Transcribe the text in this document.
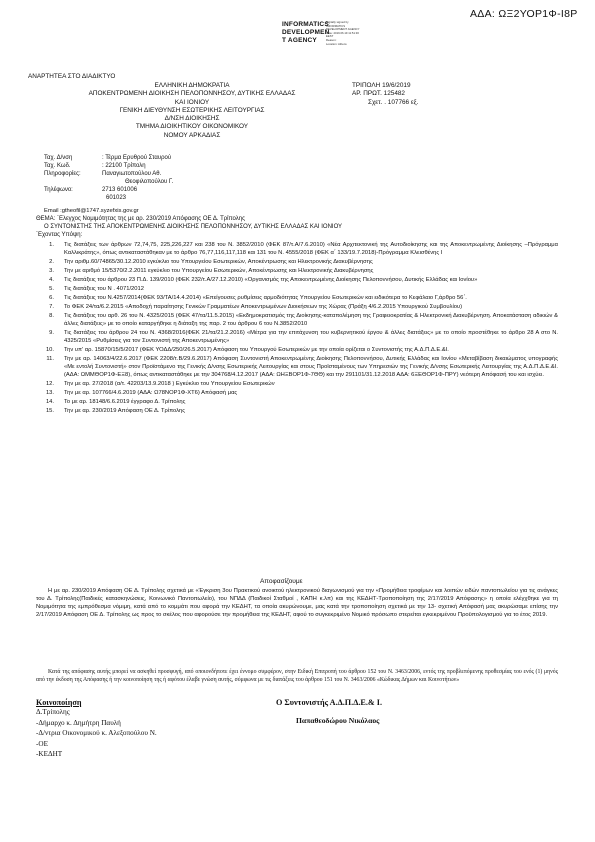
ΑΔΑ: ΩΞ2ΥΟΡ1Φ-Ι8Ρ
INFORMATICS
DEVELOPMEN
T AGENCY
Digitally signed by
INFORMATICS
DEVELOPMENT AGENCY
Date: 2019.06.19 11:51:30
EEST
Reason:
Location: Athens
ΑΝΑΡΤΗΤΕΑ ΣΤΟ ΔΙΑΔΙΚΤΥΟ
ΕΛΛΗΝΙΚΗ ΔΗΜΟΚΡΑΤΙΑ
ΑΠΟΚΕΝΤΡΩΜΕΝΗ ΔΙΟΙΚΗΣΗ ΠΕΛΟΠΟΝΝΗΣΟΥ, ΔΥΤΙΚΗΣ ΕΛΛΑΔΑΣ
ΚΑΙ ΙΟΝΙΟΥ
ΓΕΝΙΚΗ ΔΙΕΥΘΥΝΣΗ ΕΣΩΤΕΡΙΚΗΣ ΛΕΙΤΟΥΡΓΙΑΣ
Δ/ΝΣΗ ΔΙΟΙΚΗΣΗΣ
ΤΜΗΜΑ ΔΙΟΙΚΗΤΙΚΟΥ ΟΙΚΟΝΟΜΙΚΟΥ
ΝΟΜΟΥ ΑΡΚΑΔΙΑΣ
ΤΡΙΠΟΛΗ 19/6/2019
ΑΡ. ΠΡΩΤ. 125482
Σχετ. . 107766 εξ.
Ταχ. Δ/νση	: Τέρμα Ερυθρού Σταυρού
Ταχ. Κωδ.	: 22100 Τρίπολη
Πληροφορίες:	Παναγιωτοπούλου Αθ.
Θεοφιλοπούλου Γ.
Τηλέφωνο:	2713 601006
601023
Email :gtheofil@1747.syzefxis.gov.gr
ΘΕΜΑ: ΄Ελεγχος Νομιμότητας της με αρ. 230/2019 Απόφασης ΟΕ Δ. Τρίπολης
Ο ΣΥΝΤΟΝΙΣΤΗΣ ΤΗΣ ΑΠΟΚΕΝΤΡΩΜΕΝΗΣ ΔΙΟΙΚΗΣΗΣ ΠΕΛΟΠΟΝΝΗΣΟΥ, ΔΥΤΙΚΗΣ ΕΛΛΑΔΑΣ ΚΑΙ ΙΟΝΙΟΥ
΄Εχοντας Υπόψη:
1.	Τις διατάξεις των άρθρων 72,74,75, 225,226,227 και 238 του Ν. 3852/2010 (ΦΕΚ 87/τ.Α/7.6.2010) «Νέα Αρχιτεκτονική της Αυτοδιοίκησης και της Αποκεντρωμένης Διοίκησης –Πρόγραμμα Καλλικράτης», όπως αντικαταστάθηκαν με το άρθρο 76,77,116,117,118 και 131 του Ν. 4555/2018 (ΦΕΚ α΄ 133/19.7.2018)-Πρόγραμμα Κλεισθένης Ι
2.	Την αριθμ.60/74865/30.12.2010 εγκύκλιο του Υπουργείου Εσωτερικών, Αποκέντρωσης και Ηλεκτρονικής Διακυβέρνησης
3.	Την με αριθμό 15/5370/2.2.2011 εγκύκλιο του Υπουργείου Εσωτερικών, Αποκέντρωσης και Ηλεκτρονικής Διακυβέρνησης
4.	Τις διατάξεις του άρθρου 23 Π.Δ. 139/2010 (ΦΕΚ 232/τ.Α/27.12.2010) «Οργανισμός της Αποκεντρωμένης Διοίκησης Πελοποννήσου, Δυτικής Ελλάδας και Ιονίου»
5.	Τις διατάξεις του Ν . 4071/2012
6.	Τις διατάξεις του Ν.4257/2014(ΦΕΚ 93/ΤΑ/14.4.2014) «Επείγουσες ρυθμίσεις αρμοδιότητας Υπουργείου Εσωτερικών και ειδικότερα το Κεφάλαιο Γ,άρθρο 56΄.
7.	Το ΦΕΚ 24/τα/6.2.2015 «Αποδοχή παραίτησης Γενικών Γραμματέων Αποκεντρωμένων Διοικήσεων της Χώρας (Πράξη 4/6.2.2015 Υπουργικού Συμβουλίου)
8.	Τις διατάξεις του αρθ. 26 του Ν. 4325/2015 (ΦΕΚ 47/τα/11.5.2015) «Εκδημοκρατισμός της Διοίκησης-καταπολέμηση της Γραφειοκρατίας & Ηλεκτρονική Διακυβέρνηση. Αποκατάσταση αδικιών & άλλες διατάξεις» με το οποίο καταργήθηκε η διάταξη της παρ. 2 του άρθρου 6 του Ν.3852/2010
9.	Τις διατάξεις του άρθρου 24 του Ν. 4368/2016(ΦΕΚ 21/τα/21.2.2016) «Μέτρα για την επιτάχυνση του κυβερνητικού έργου & άλλες διατάξεις» με το οποίο προστέθηκε το άρθρο 28 Α στο Ν. 4325/2015 «Ρυθμίσεις για τον Συντονιστή της Αποκεντρωμένης»
10.	Την υπ' αρ. 15870/15/5/2017 (ΦΕΚ ΥΟΔΔ/250/26.5.2017) Απόφαση του Υπουργού Εσωτερικών με την οποία ορίζεται ο Συντονιστής της Α.Δ.Π.Δ.Ε.&Ι.
11.	Την με αρ. 14063/4/22.6.2017 (ΦΕΚ 2208/τ.Β/29.6.2017) Απόφαση Συντονιστή Αποκεντρωμένης Διοίκησης Πελοποννήσου, Δυτικής Ελλάδας και Ιονίου «Μεταβίβαση δικαιώματος υπογραφής «Με εντολή Συντονιστή» στον Προϊστάμενο της Γενικής Δ/νσης Εσωτερικής Λειτουργίας και στους Προϊσταμένους των Υπηρεσιών της Γενικής Δ/νσης Εσωτερικής Λειτουργίας της Α.Δ.Π.Δ.Ε.&Ι. (ΑΔΑ: ΩΜΜΘΟΡ1Φ-ΕΞ8), όπως αντικαταστάθηκε με την 304768/4.12.2017 (ΑΔΑ: ΩΗΞΒΟΡ1Φ-7ΘΘ) και την 291101/31.12.2018 ΑΔΑ: 6ΞΕΘΟΡ1Φ-ΠΡΥ) νεότερη Απόφασή του και ισχύει.
12.	Την με αρ. 27/2018 (α/τ. 42203/13.9.2018 ) Εγκύκλιο του Υπουργείου Εσωτερικών
13.	Την με αρ. 107766/4.6.2019 (ΑΔΑ: Ω78ΝΟΡ1Φ-ΧΤ6) Απόφασή μας
14.	Το με αρ. 18148/6.6.2019 έγγραφο Δ. Τρίπολης
15.	Την με αρ. 230/2019 Απόφαση ΟΕ Δ. Τρίπολης
Αποφασίζουμε

Η με αρ. 230/2019 Απόφαση ΟΕ Δ. Τρίπολης σχετικά με «Έγκριση 3ου Πρακτικού ανοικτού ηλεκτρονικού διαγωνισμού για την «Προμήθεια τροφίμων και λοιπών ειδών παντοπωλείου για τις ανάγκες του Δ. Τρίπολης(Παιδικές κατασκηνώσεις, Κοινωνικό Παντοπωλείο), του ΝΠΔΔ (Παιδικοί Σταθμοί , ΚΑΠΗ κ.λπ) και της ΚΕΔΗΤ-Τροποποίηση της 2/17/2019 Απόφασης» η οποία ελέγχθηκε για τη Νομιμότητα της εμπρόθεσμα νόμιμη, κατά από το κομμάτι που αφορά την ΚΕΔΗΤ, τα οποία ακυρώνουμε, μας κατά την τροποποίηση σχετικά με την 13- σχετική Απόφασή μας ακυρώσαμε επίσης την 2/17/2019 Απόφαση ΟΕ Δ. Τρίπολης ως προς το σκέλος που αφορούσε την προμήθεια της ΚΕΔΗΤ, αφού το συγκεκριμένο Νομικό πρόσωπο στερείται εγκεκριμένου Προϋπολογισμού για το έτος 2019.

Κατά της απόφασης αυτής μπορεί να ασκηθεί προσφυγή, από οποιονδήποτε έχει έννομο συμφέρον, στην Ειδική Επιτροπή του άρθρου 152 του Ν. 3463/2006, εντός της προβλεπόμενης προθεσμίας του ενός (1) μηνός από την έκδοση της Απόφασης ή την κοινοποίηση της ή αφότου έλαβε γνώση αυτής, σύμφωνα με τις διατάξεις του άρθρου 151 του Ν. 3463/2006 «Κώδικας Δήμων και Κοινοτήτων»

Κοινοποίηση
Δ.Τρίπολης
-Δήμαρχο κ. Δημήτρη Παυλή
-Δ/ντρια Οικονομικού κ. Αλεξοπούλου Ν.
-ΟΕ
-ΚΕΔΗΤ
Ο Συντονιστής Α.Δ.Π.Δ.Ε.& Ι.
Παπαθεοδώρου Νικόλαος
